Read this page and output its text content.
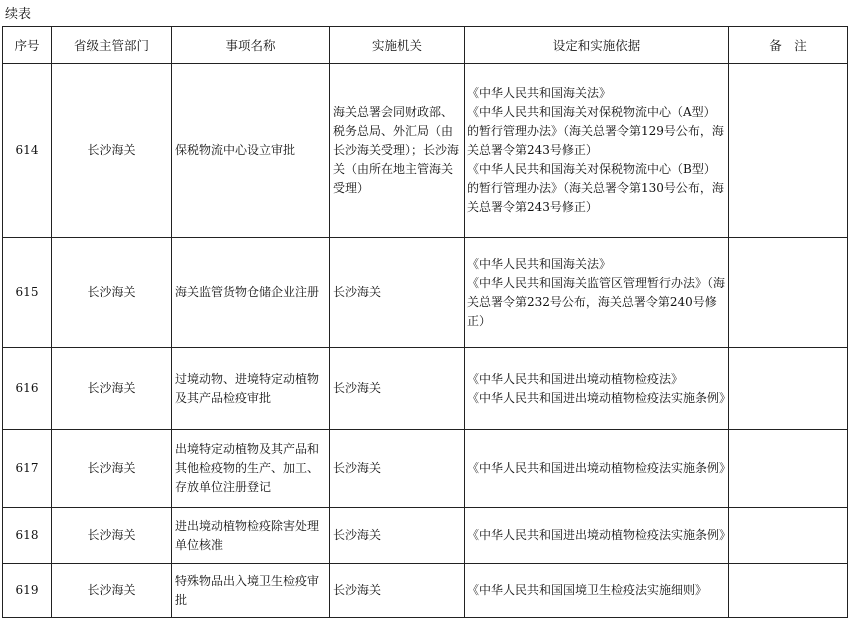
续表
序号	省级主管部门	事项名称	实施机关	设定和实施依据	备　注
614	长沙海关	保税物流中心设立审批	海关总署会同财政部、税务总局、外汇局（由长沙海关受理）；长沙海关（由所在地主管海关受理）	《中华人民共和国海关法》
《中华人民共和国海关对保税物流中心（A型）的暂行管理办法》（海关总署令第129号公布，海关总署令第243号修正）
《中华人民共和国海关对保税物流中心（B型）的暂行管理办法》（海关总署令第130号公布，海关总署令第243号修正）	

615	长沙海关	海关监管货物仓储企业注册	长沙海关	《中华人民共和国海关法》
《中华人民共和国海关监管区管理暂行办法》（海关总署令第232号公布，海关总署令第240号修正）	

616	长沙海关	过境动物、进境特定动植物及其产品检疫审批	长沙海关	《中华人民共和国进出境动植物检疫法》
《中华人民共和国进出境动植物检疫法实施条例》	

617	长沙海关	出境特定动植物及其产品和其他检疫物的生产、加工、存放单位注册登记	长沙海关	《中华人民共和国进出境动植物检疫法实施条例》	

618	长沙海关	进出境动植物检疫除害处理单位核准	长沙海关	《中华人民共和国进出境动植物检疫法实施条例》	

619	长沙海关	特殊物品出入境卫生检疫审批	长沙海关	《中华人民共和国国境卫生检疫法实施细则》	
